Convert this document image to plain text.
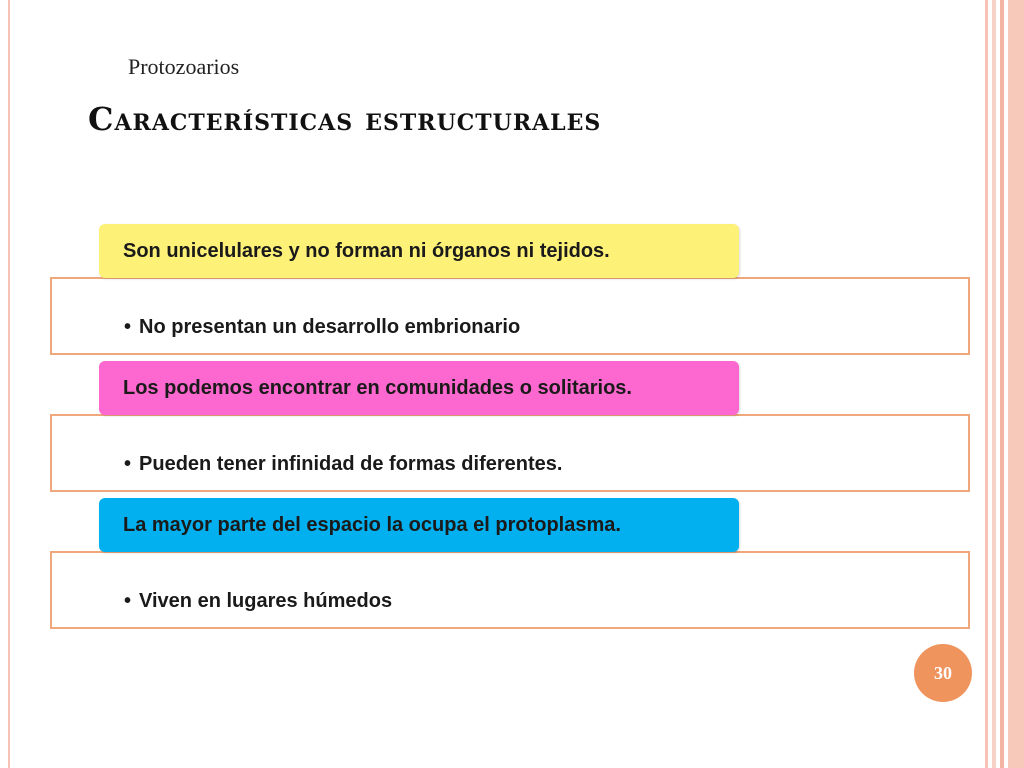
Protozoarios
Características estructurales
• No presentan un desarrollo embrionario
Son unicelulares y no forman ni órganos ni tejidos.
• Pueden tener infinidad de formas diferentes.
Los podemos encontrar en comunidades o solitarios.
• Viven en lugares húmedos
La mayor parte del espacio la ocupa el protoplasma.
30
